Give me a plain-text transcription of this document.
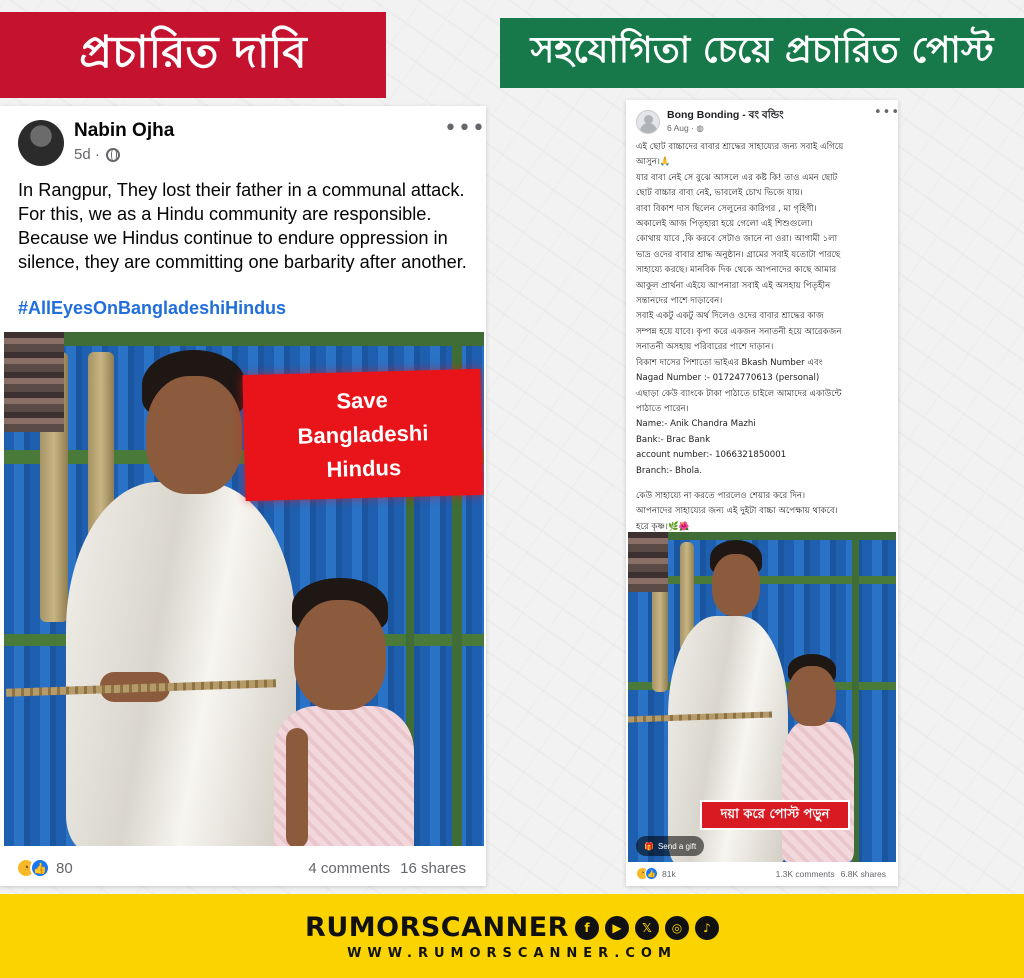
প্রচারিত দাবি	সহযোগিতা চেয়ে প্রচারিত পোস্ট
Nabin Ojha
5d ·
•••
In Rangpur, They lost their father in a communal attack. For this, we as a Hindu community are responsible. Because we Hindus continue to endure oppression in silence, they are committing one barbarity after another.
#AllEyesOnBangladeshiHindus
Save
Bangladeshi
Hindus
◔ 👍 80	4 comments 16 shares
Bong Bonding - বং বন্ডিং
6 Aug · ◍
•••
এই ছোট বাচ্চাদের বাবার শ্রাদ্ধের সাহায্যের জন্য সবাই এগিয়ে
আসুন।🙏
যার বাবা নেই সে বুঝে আসলে এর কষ্ট কি! তাও এমন ছোট
ছোট বাচ্চার বাবা নেই, ভাবলেই চোখ ভিজে যায়।
বাবা বিকাশ দাস ছিলেন সেলুনের কারিগর , মা গৃহিণী।
অকালেই আজ পিতৃহারা হয়ে গেলো এই শিশুগুলো।
কোথায় যাবে ,কি করবে সেটাও জানে না ওরা। আগামী ১লা
ভাদ্র ওদের বাবার শ্রাদ্ধ অনুষ্ঠান। গ্রামের সবাই যতোটা পারছে
সাহায্যে করছে। মানবিক দিক থেকে আপনাদের কাছে আমার
আকুল প্রার্থনা এইযে আপনারা সবাই এই অসহায় পিতৃহীন
সন্তানদের পাশে দাড়াবেন।
সবাই একটু একটু অর্থ দিলেও ওদের বাবার শ্রাদ্ধের কাজ
সম্পন্ন হয়ে যাবে। কৃপা করে একজন সনাতনী হয়ে আরেকজন
সনাতনী অসহায় পরিবারের পাশে দাড়ান।
বিকাশ দাসের পিশাতো ভাইএর Bkash Number এবং
Nagad Number :- 01724770613 (personal)
এছাড়া কেউ ব্যাংকে টাকা পাঠাতে চাইলে আমাদের একাউন্টে
পাঠাতে পারেন।
Name:- Anik Chandra Mazhi
Bank:- Brac Bank
account number:- 1066321850001
Branch:- Bhola.
কেউ সাহায্যে না করতে পারলেও শেয়ার করে দিন।
আপনাদের সাহায্যের জন্য এই দুইটা বাচ্চা অপেক্ষায় থাকবে।
হরে কৃষ্ণ।🌿🌺
দয়া করে পোস্ট পড়ুন
🎁 Send a gift
◔ 👍 81k	1.3K comments 6.8K shares
RUMORSCANNER	f	▶	𝕏	◎	♪
WWW.RUMORSCANNER.COM
